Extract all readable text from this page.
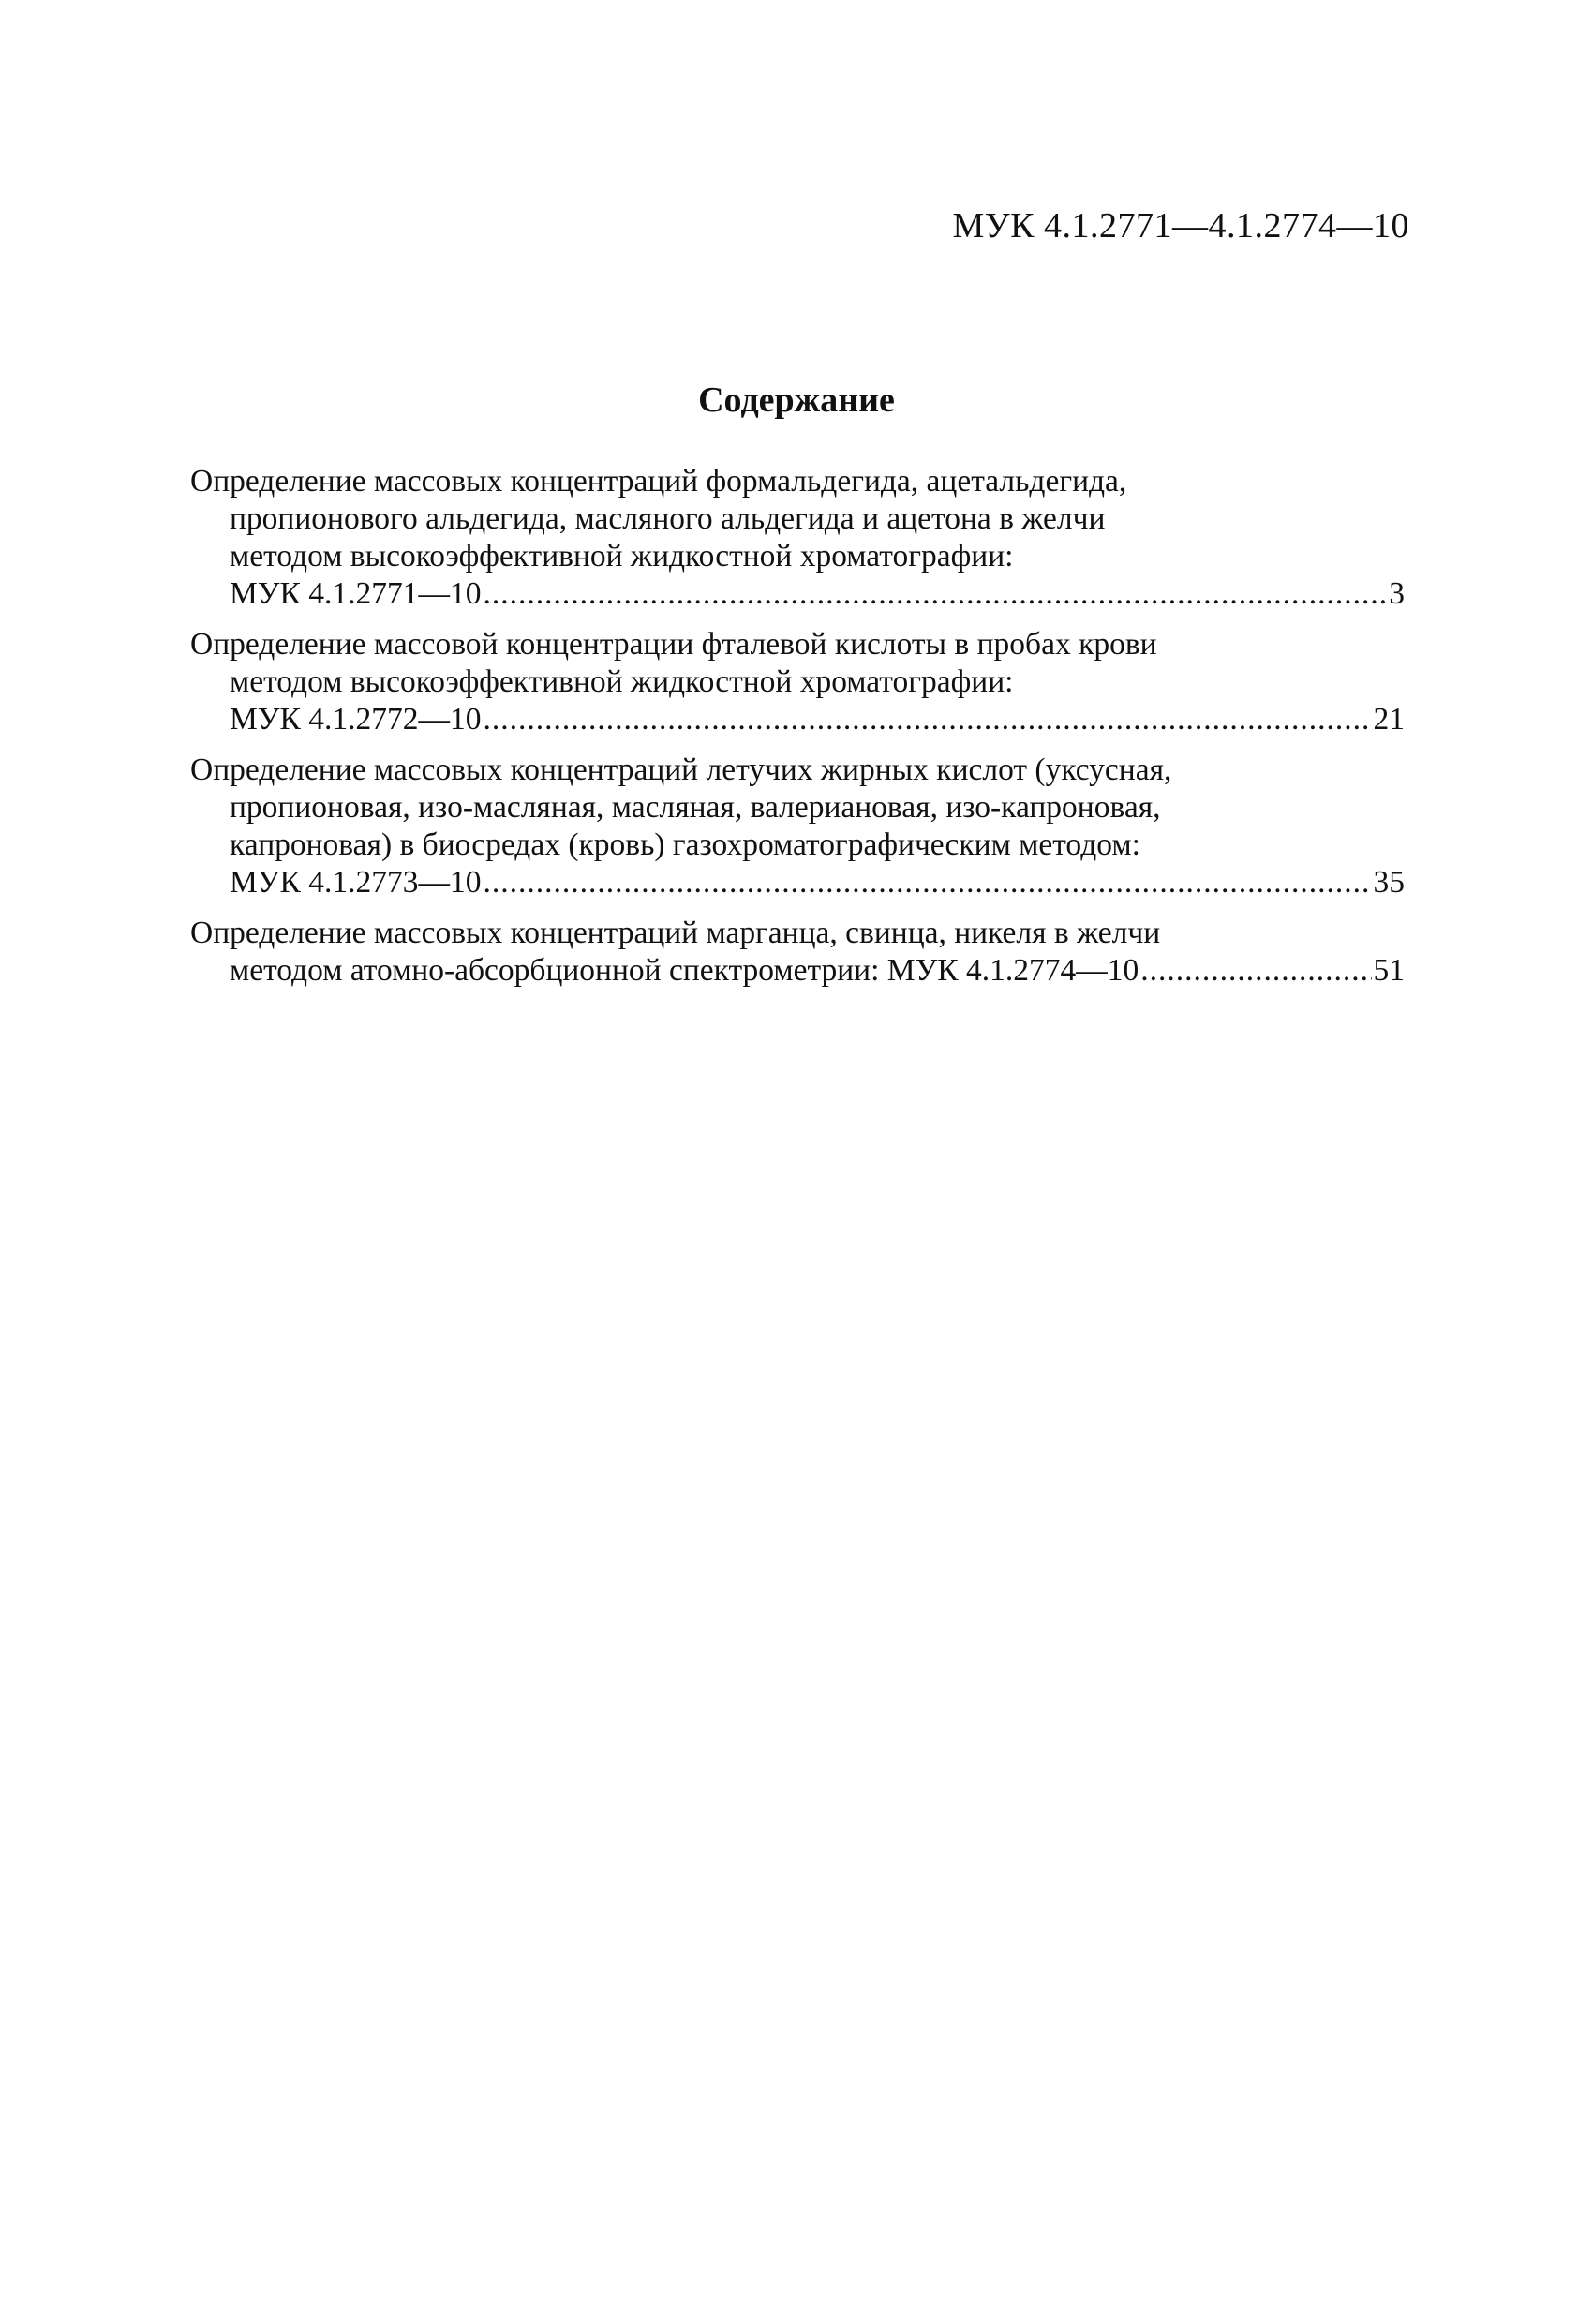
МУК 4.1.2771—4.1.2774—10
Содержание
Определение массовых концентраций формальдегида, ацетальдегида,
пропионового альдегида, масляного альдегида и ацетона в желчи
методом высокоэффективной жидкостной хроматографии:
МУК 4.1.2771—10 .....	3
Определение массовой концентрации фталевой кислоты в пробах крови
методом высокоэффективной жидкостной хроматографии:
МУК 4.1.2772—10 .....	21
Определение массовых концентраций летучих жирных кислот (уксусная,
пропионовая, изо-масляная, масляная, валериановая, изо-капроновая,
капроновая) в биосредах (кровь) газохроматографическим методом:
МУК 4.1.2773—10 .....	35
Определение массовых концентраций марганца, свинца, никеля в желчи
методом атомно-абсорбционной спектрометрии: МУК 4.1.2774—10 .....	51
